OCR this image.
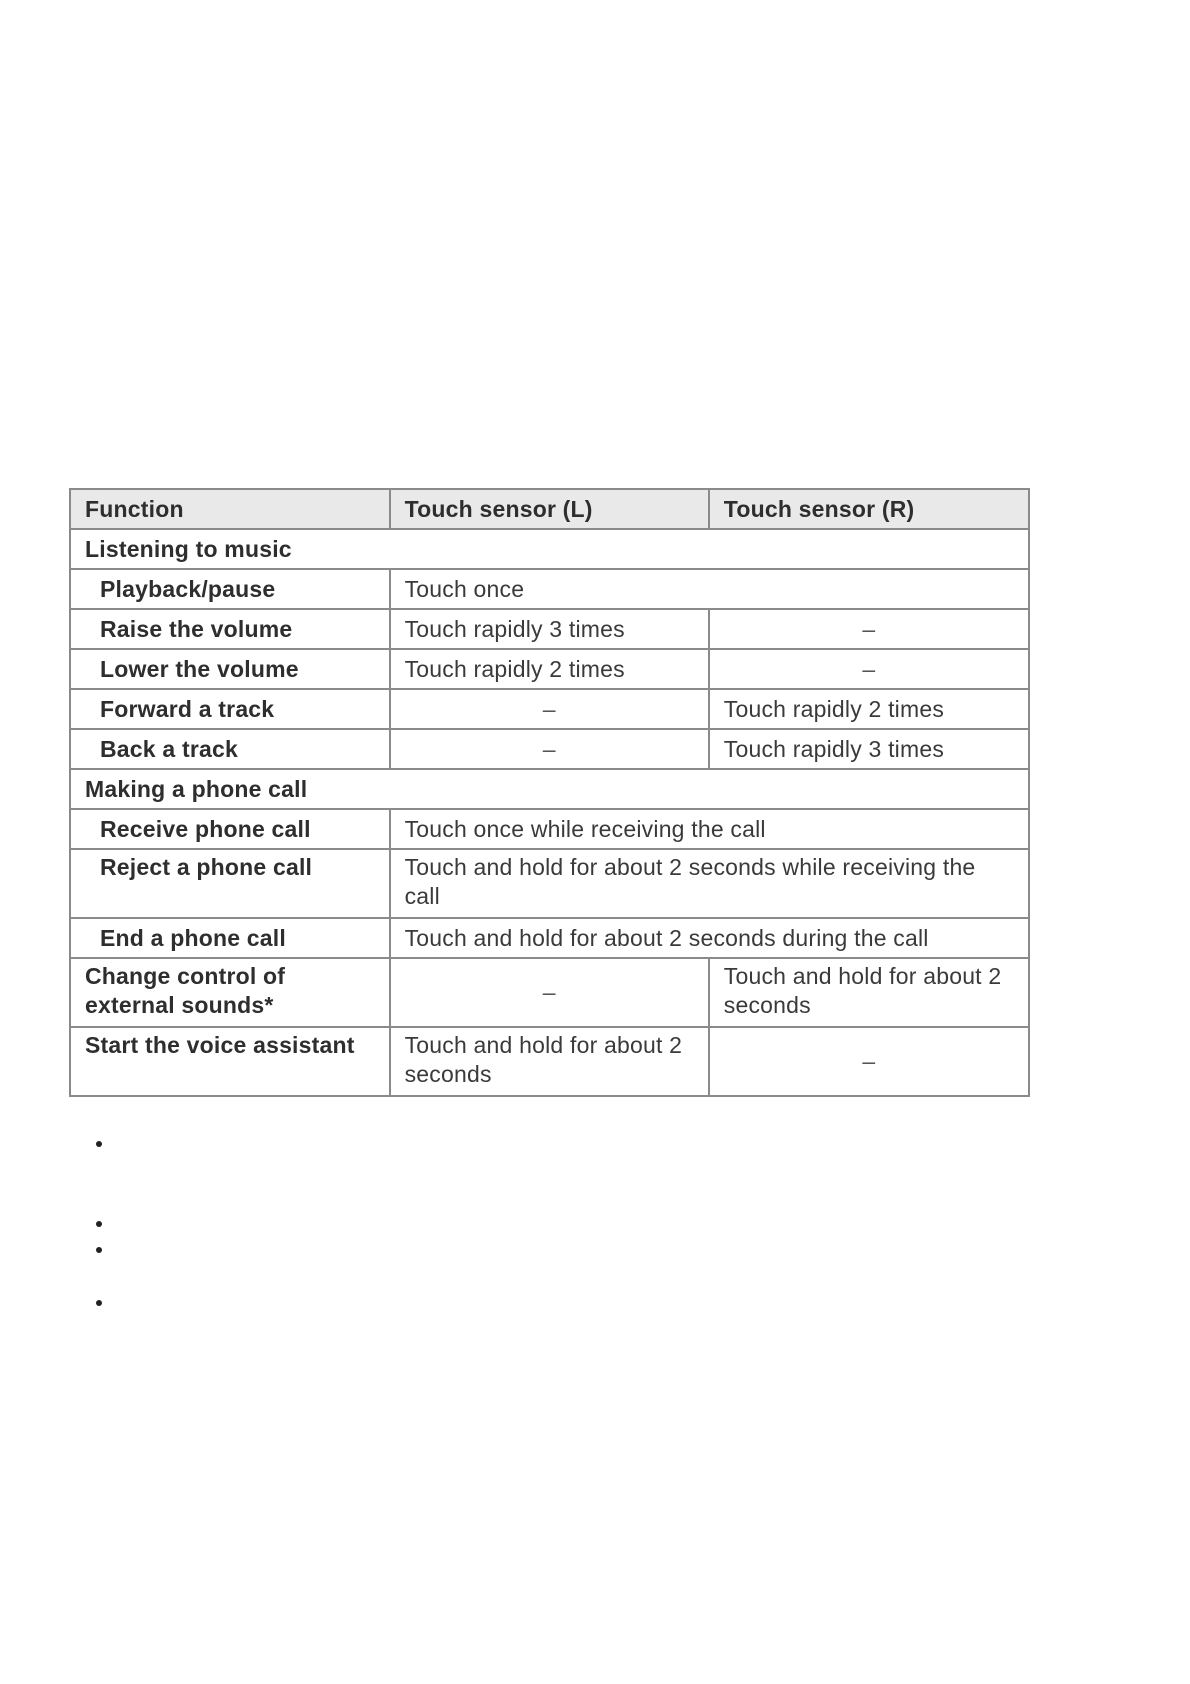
Function	Touch sensor (L)	Touch sensor (R)
Listening to music		
Playback/pause	Touch once	
Raise the volume	Touch rapidly 3 times	–
Lower the volume	Touch rapidly 2 times	–
Forward a track	–	Touch rapidly 2 times
Back a track	–	Touch rapidly 3 times
Making a phone call		
Receive phone call	Touch once while receiving the call	
Reject a phone call	Touch and hold for about 2 seconds while receiving the call	
End a phone call	Touch and hold for about 2 seconds during the call	
Change control of external sounds*	–	Touch and hold for about 2 seconds
Start the voice assistant	Touch and hold for about 2 seconds	–
